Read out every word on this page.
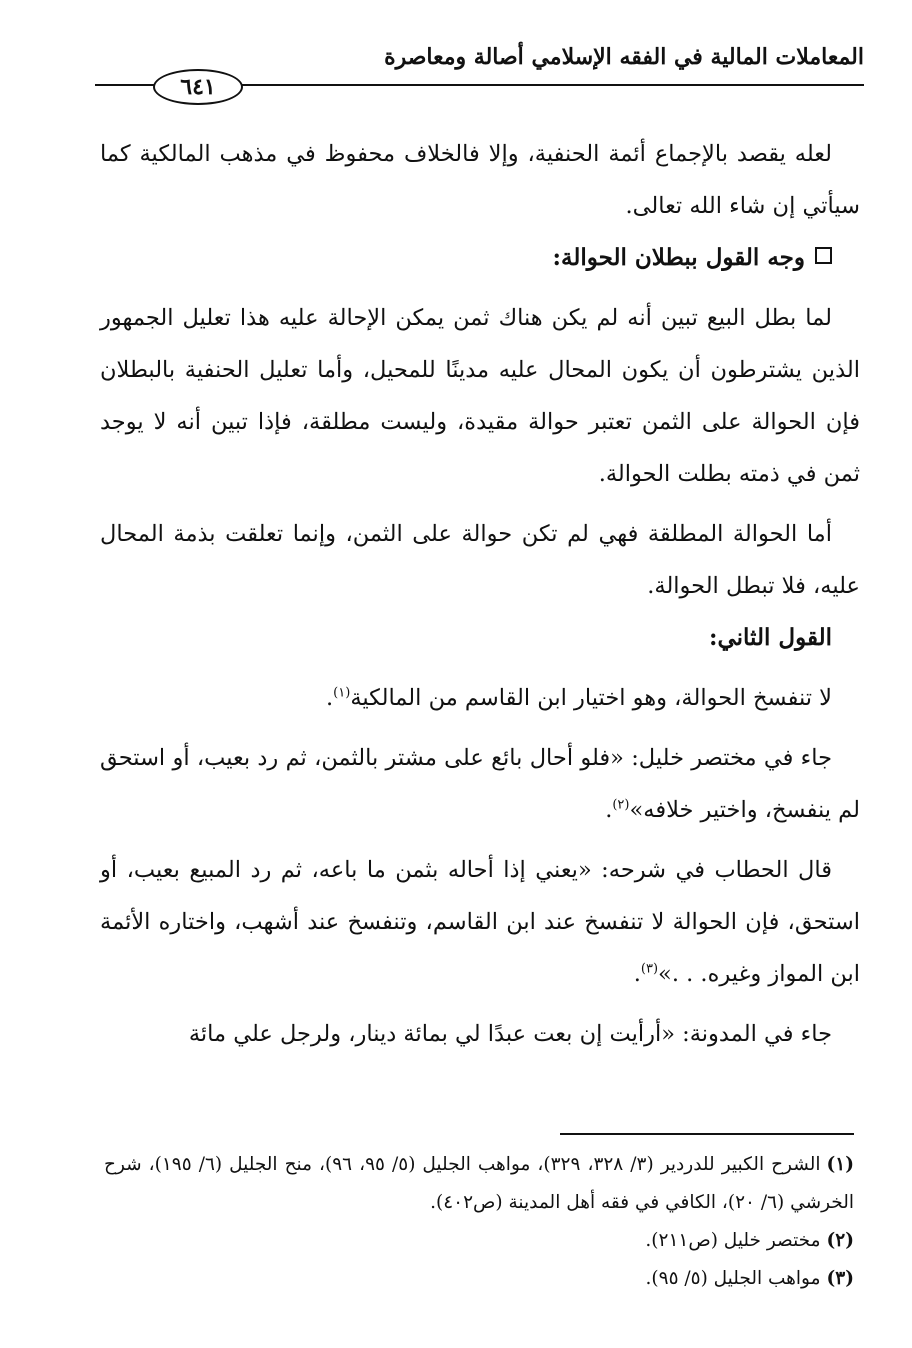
المعاملات المالية في الفقه الإسلامي أصالة ومعاصرة
٦٤١

لعله يقصد بالإجماع أئمة الحنفية، وإلا فالخلاف محفوظ في مذهب المالكية كما سيأتي إن شاء الله تعالى.

وجه القول ببطلان الحوالة:

لما بطل البيع تبين أنه لم يكن هناك ثمن يمكن الإحالة عليه هذا تعليل الجمهور الذين يشترطون أن يكون المحال عليه مدينًا للمحيل، وأما تعليل الحنفية بالبطلان فإن الحوالة على الثمن تعتبر حوالة مقيدة، وليست مطلقة، فإذا تبين أنه لا يوجد ثمن في ذمته بطلت الحوالة.

أما الحوالة المطلقة فهي لم تكن حوالة على الثمن، وإنما تعلقت بذمة المحال عليه، فلا تبطل الحوالة.

القول الثاني:

لا تنفسخ الحوالة، وهو اختيار ابن القاسم من المالكية$^{(١)}$.

جاء في مختصر خليل: «فلو أحال بائع على مشتر بالثمن، ثم رد بعيب، أو استحق لم ينفسخ، واختير خلافه»$^{(٢)}$.

قال الحطاب في شرحه: «يعني إذا أحاله بثمن ما باعه، ثم رد المبيع بعيب، أو استحق، فإن الحوالة لا تنفسخ عند ابن القاسم، وتنفسخ عند أشهب، واختاره الأئمة ابن المواز وغيره. . .»$^{(٣)}$.

جاء في المدونة: «أرأيت إن بعت عبدًا لي بمائة دينار، ولرجل علي مائة

(١)الشرح الكبير للدردير (٣/ ٣٢٨، ٣٢٩)، مواهب الجليل (٥/ ٩٥، ٩٦)، منح الجليل (٦/ ١٩٥)، شرح الخرشي (٦/ ٢٠)، الكافي في فقه أهل المدينة (ص٤٠٢).

(٢)مختصر خليل (ص٢١١).

(٣)مواهب الجليل (٥/ ٩٥).
